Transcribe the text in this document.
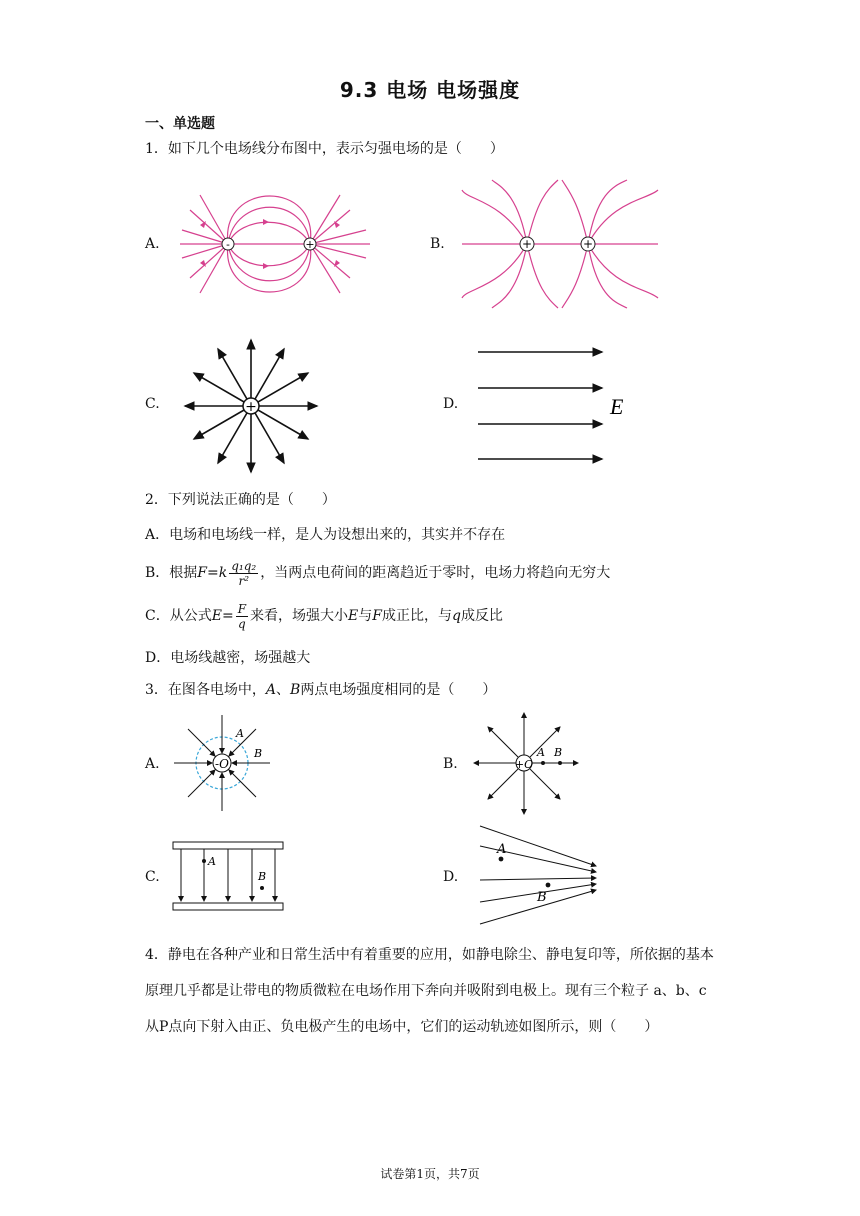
9.3 电场 电场强度
一、单选题
1．如下几个电场线分布图中，表示匀强电场的是（　　）
A.	-	+	B.	+	+
C.	+	D.	E
2．下列说法正确的是（　　）
A．电场和电场线一样，是人为设想出来的，其实并不存在
B．根据$F=k \frac{\text{q₁q₂}}{\text{r²}}$ ，当两点电荷间的距离趋近于零时，电场力将趋向无穷大
C．从公式$E= \frac{F}{q}$ 来看，场强大小E与F成正比，与q成反比
D．电场线越密，场强越大
3．在图各电场中，A、B两点电场强度相同的是（　　）
A.	-O
A
B
B.	+O
A B
C.
A
B	D.
A
B
4．静电在各种产业和日常生活中有着重要的应用，如静电除尘、静电复印等，所依据的基本原理几乎都是让带电的物质微粒在电场作用下奔向并吸附到电极上。现有三个粒子 a、b、c 从P点向下射入由正、负电极产生的电场中，它们的运动轨迹如图所示，则（　　）
试卷第1页，共7页
